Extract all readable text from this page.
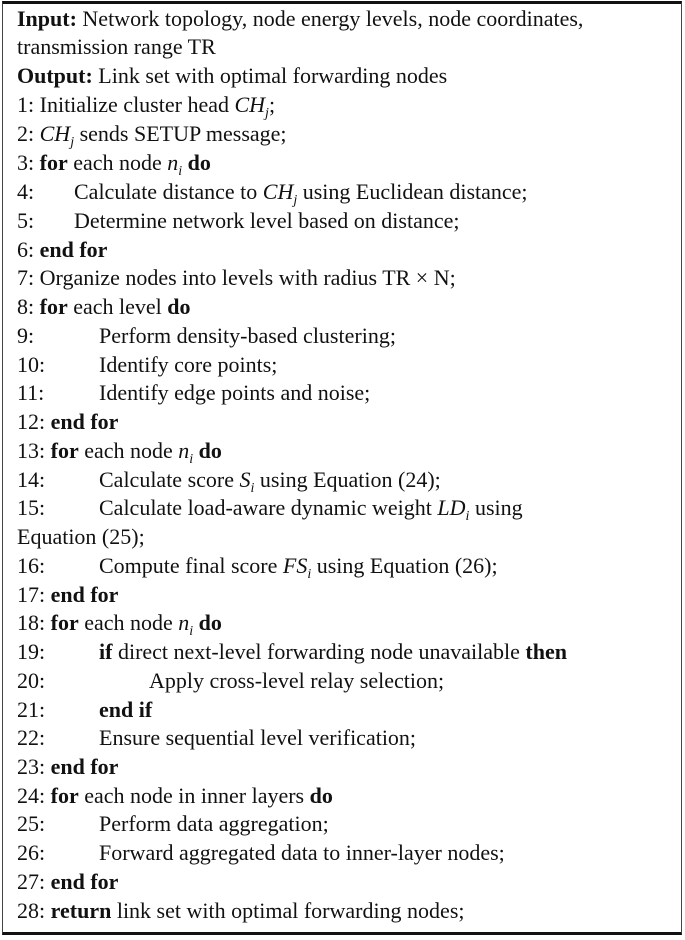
Input: Network topology, node energy levels, node coordinates,
transmission range TR
Output: Link set with optimal forwarding nodes
1: Initialize cluster head $CH_j$;
2: $CH_j$ sends SETUP message;
3: for each node $n_i$ do
4: Calculate distance to $CH_j$ using Euclidean distance;
5: Determine network level based on distance;
6: end for
7: Organize nodes into levels with radius TR × N;
8: for each level do
9:	Perform density-based clustering;
10: Identify core points;
11: Identify edge points and noise;
12: end for
13: for each node $n_i$ do
14: Calculate score $S_i$ using Equation (24);
15: Calculate load-aware dynamic weight $LD_i$ using
Equation (25);
16: Compute final score $FS_i$ using Equation (26);
17: end for
18: for each node $n_i$ do
19: if direct next-level forwarding node unavailable then
20:	Apply cross-level relay selection;
21: end if
22: Ensure sequential level verification;
23: end for
24: for each node in inner layers do
25: Perform data aggregation;
26: Forward aggregated data to inner-layer nodes;
27: end for
28: return link set with optimal forwarding nodes;
